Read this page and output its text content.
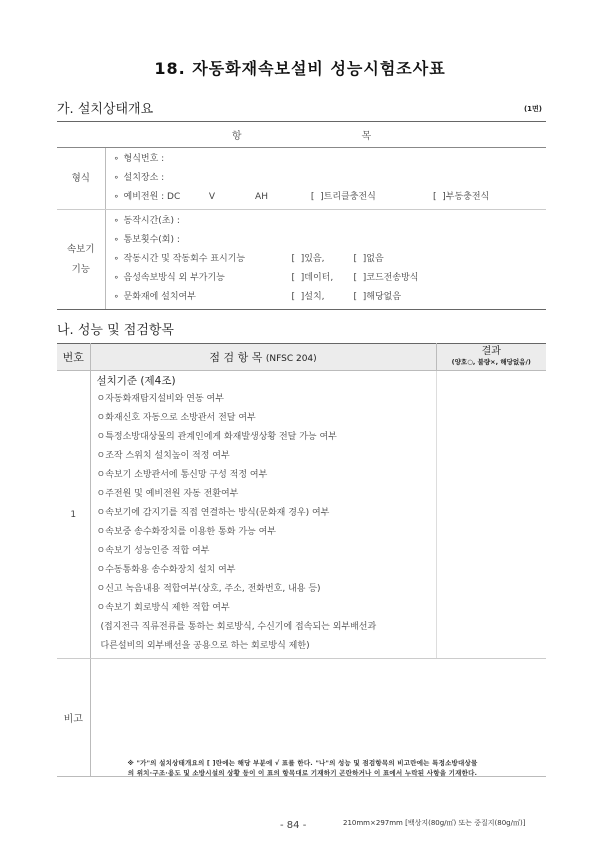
18. 자동화재속보설비 성능시험조사표
가. 설치상태개요	(1면)
항 목	
형식	∘ 형식번호 :
∘ 설치장소 :
∘ 예비전원 : DC          V              AH               [  ]트리클충전식                    [  ]부동충전식

속보기
기능

∘ 동작시간(초) :
∘ 통보횟수(회) :
∘ 작동시간 및 작동회수 표시기능	[  ]있음,	[  ]없음
∘ 음성속보방식 외 부가기능	[  ]데이터, [  ]코드전송방식
∘ 문화재에 설치여부	[  ]설치,	[  ]해당없음
나. 성능 및 점검항목
번호	점 검 항 목 (NFSC 204)	결과
(양호○, 불량×, 해당없음/)

1	
설치기준 (제4조)
ㅇ자동화재탐지설비와 연동 여부
ㅇ화재신호 자동으로 소방관서 전달 여부
ㅇ특정소방대상물의 관계인에게 화재발생상황 전달 가능 여부
ㅇ조작 스위치 설치높이 적정 여부
ㅇ속보기 소방관서에 통신망 구성 적정 여부
ㅇ주전원 및 예비전원 자동 전환여부
ㅇ속보기에 감지기를 직접 연결하는 방식(문화재 경우) 여부
ㅇ속보중 송수화장치를 이용한 통화 가능 여부
ㅇ속보기 성능인증 적합 여부
ㅇ수동통화용 송수화장치 설치 여부
ㅇ신고 녹음내용 적합여부(상호, 주소, 전화번호, 내용 등)
ㅇ속보기 회로방식 제한 적합 여부
(접지전극 직류전류를 통하는 회로방식, 수신기에 접속되는 외부배선과
다른설비의 외부배선을 공용으로 하는 회로방식 제한)

비고		
※ "가"의 설치상태개요의 [ ]란에는 해당 부분에 √ 표를 한다. "나"의 성능 및 점검항목의 비고란에는 특정소방대상물
의 위치·구조·용도 및 소방시설의 상황 등이 이 표의 항목대로 기재하기 곤란하거나 이 표에서 누락된 사항을 기재한다.
- 84 -	210mm×297mm [백상지(80g/㎡) 또는 중질지(80g/㎡)]
